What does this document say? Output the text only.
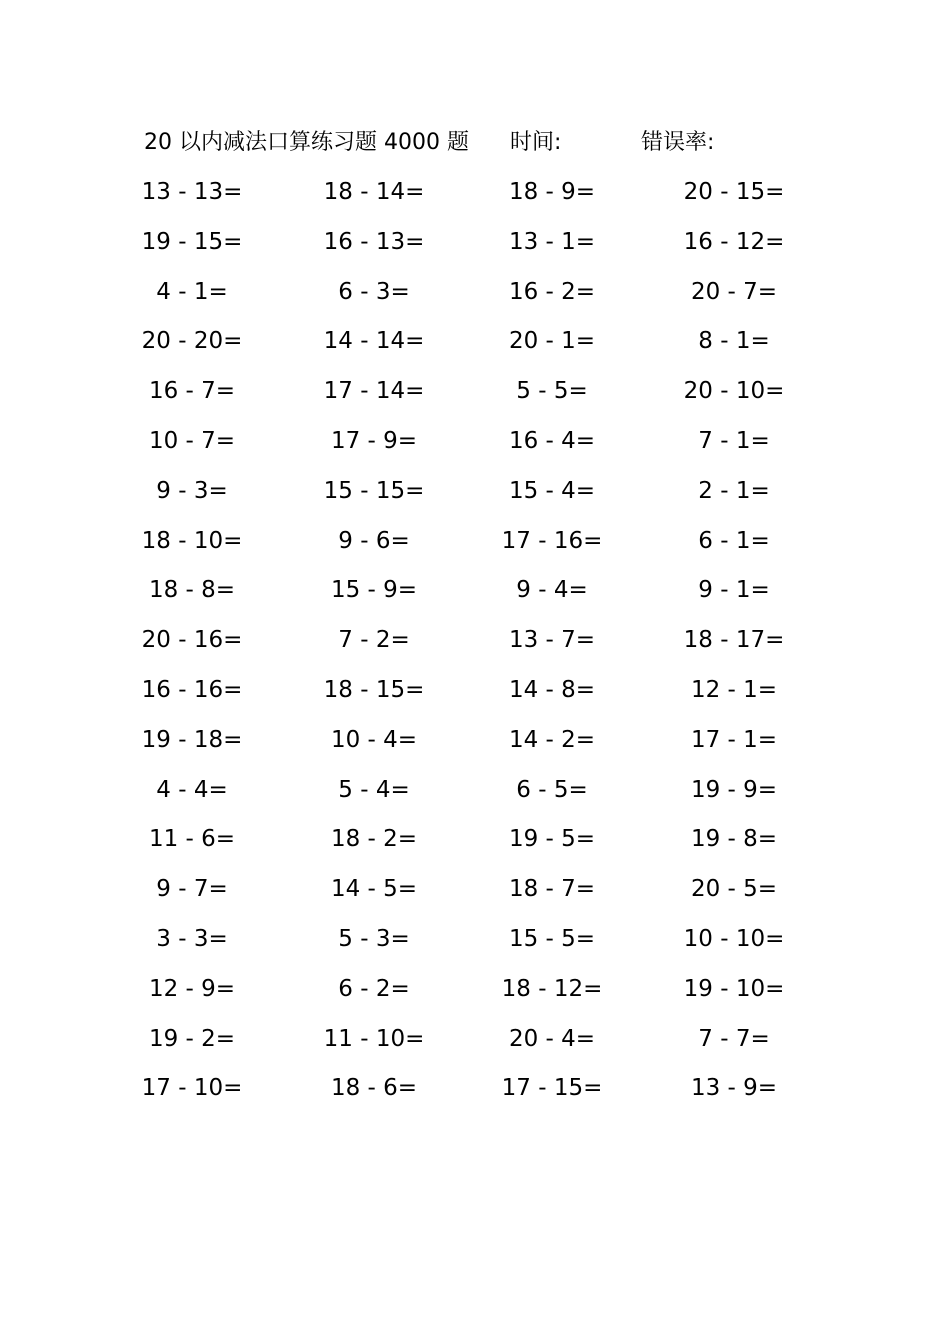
20 以内减法口算练习题 4000 题 时间:	错误率:
13 - 13=	18 - 14=	18 - 9=	20 - 15=
19 - 15=	16 - 13=	13 - 1=	16 - 12=
4 - 1=	6 - 3=	16 - 2=	20 - 7=
20 - 20=	14 - 14=	20 - 1=	8 - 1=
16 - 7=	17 - 14=	5 - 5=	20 - 10=
10 - 7=	17 - 9=	16 - 4=	7 - 1=
9 - 3=	15 - 15=	15 - 4=	2 - 1=
18 - 10=	9 - 6=	17 - 16=	6 - 1=
18 - 8=	15 - 9=	9 - 4=	9 - 1=
20 - 16=	7 - 2=	13 - 7=	18 - 17=
16 - 16=	18 - 15=	14 - 8=	12 - 1=
19 - 18=	10 - 4=	14 - 2=	17 - 1=
4 - 4=	5 - 4=	6 - 5=	19 - 9=
11 - 6=	18 - 2=	19 - 5=	19 - 8=
9 - 7=	14 - 5=	18 - 7=	20 - 5=
3 - 3=	5 - 3=	15 - 5=	10 - 10=
12 - 9=	6 - 2=	18 - 12=	19 - 10=
19 - 2=	11 - 10=	20 - 4=	7 - 7=
17 - 10=	18 - 6=	17 - 15=	13 - 9=
